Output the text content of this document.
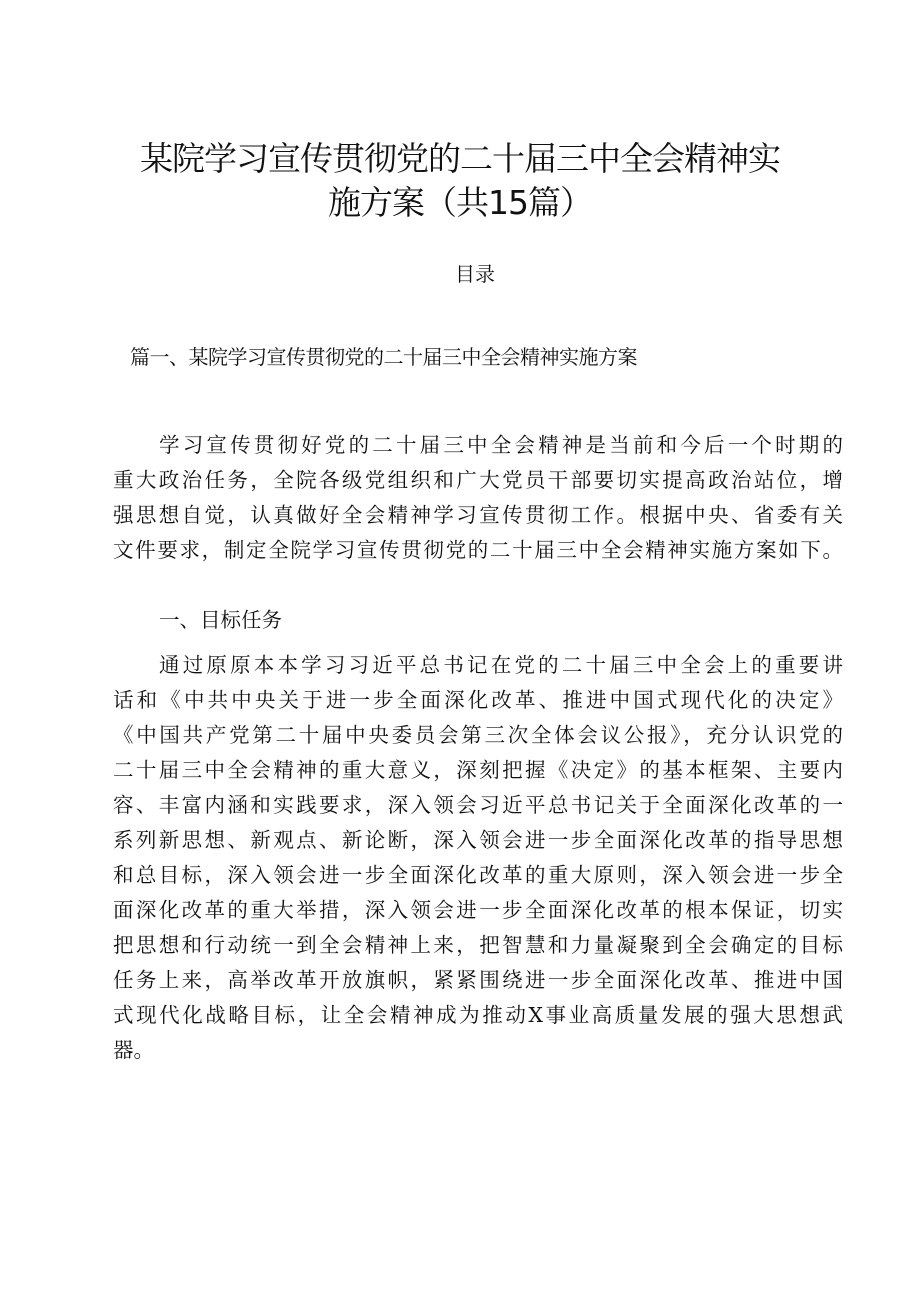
某院学习宣传贯彻党的二十届三中全会精神实
施方案（共15篇）
目录
篇一、某院学习宣传贯彻党的二十届三中全会精神实施方案
学习宣传贯彻好党的二十届三中全会精神是当前和今后一个时期的
重大政治任务，全院各级党组织和广大党员干部要切实提高政治站位，增
强思想自觉，认真做好全会精神学习宣传贯彻工作。根据中央、省委有关
文件要求，制定全院学习宣传贯彻党的二十届三中全会精神实施方案如下。
一、目标任务
通过原原本本学习习近平总书记在党的二十届三中全会上的重要讲
话和《中共中央关于进一步全面深化改革、推进中国式现代化的决定》
《中国共产党第二十届中央委员会第三次全体会议公报》，充分认识党的
二十届三中全会精神的重大意义，深刻把握《决定》的基本框架、主要内
容、丰富内涵和实践要求，深入领会习近平总书记关于全面深化改革的一
系列新思想、新观点、新论断，深入领会进一步全面深化改革的指导思想
和总目标，深入领会进一步全面深化改革的重大原则，深入领会进一步全
面深化改革的重大举措，深入领会进一步全面深化改革的根本保证，切实
把思想和行动统一到全会精神上来，把智慧和力量凝聚到全会确定的目标
任务上来，高举改革开放旗帜，紧紧围绕进一步全面深化改革、推进中国
式现代化战略目标，让全会精神成为推动X事业高质量发展的强大思想武
器。
